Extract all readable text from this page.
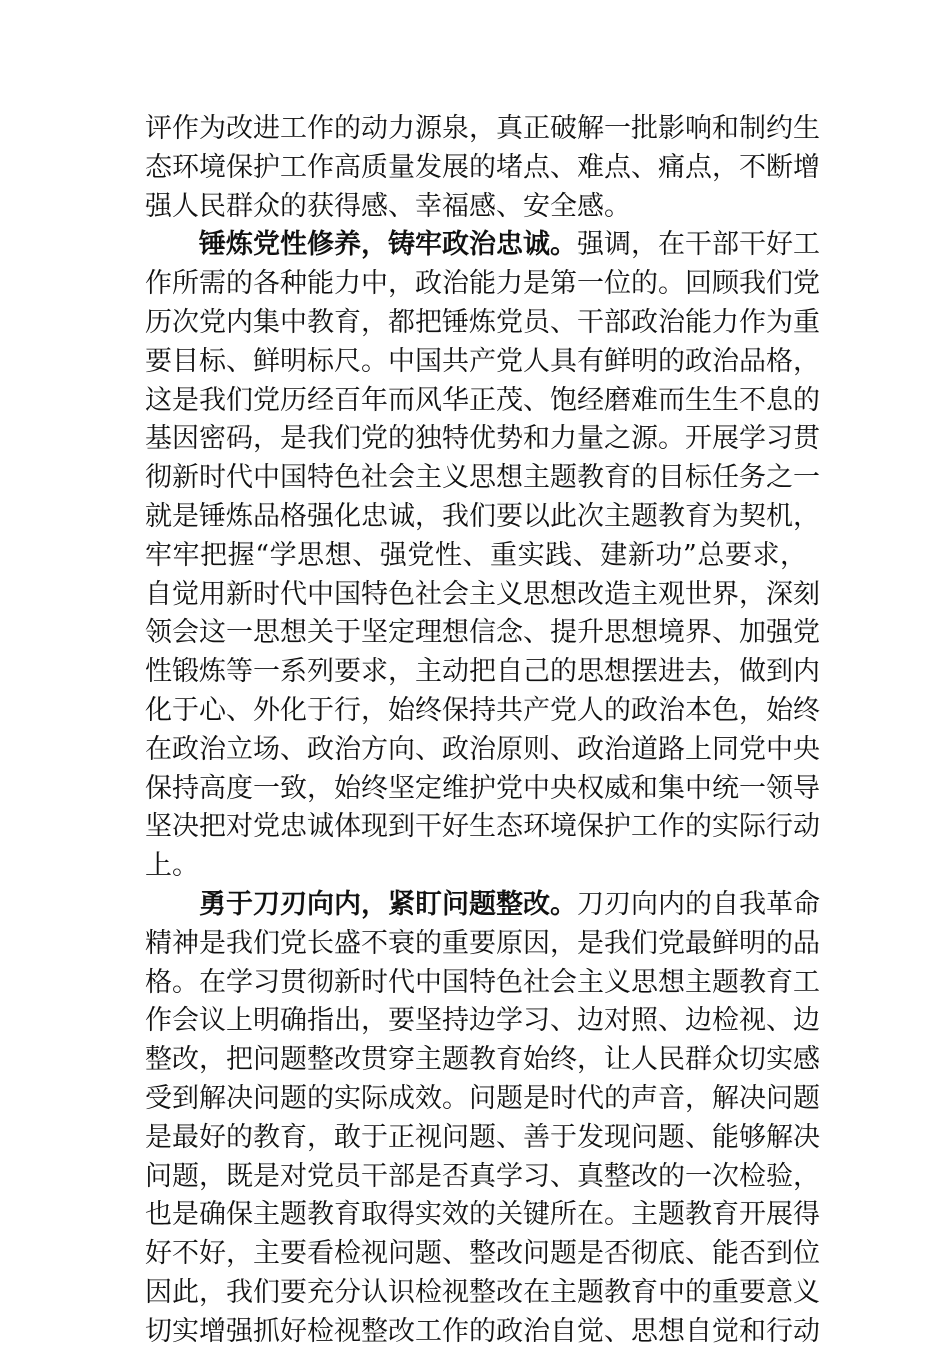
评作为改进工作的动力源泉，真正破解一批影响和制约生
态环境保护工作高质量发展的堵点、难点、痛点，不断增
强人民群众的获得感、幸福感、安全感。
锤炼党性修养，铸牢政治忠诚。强调，在干部干好工
作所需的各种能力中，政治能力是第一位的。回顾我们党
历次党内集中教育，都把锤炼党员、干部政治能力作为重
要目标、鲜明标尺。中国共产党人具有鲜明的政治品格，
这是我们党历经百年而风华正茂、饱经磨难而生生不息的
基因密码，是我们党的独特优势和力量之源。开展学习贯
彻新时代中国特色社会主义思想主题教育的目标任务之一
就是锤炼品格强化忠诚，我们要以此次主题教育为契机，
牢牢把握“学思想、强党性、重实践、建新功”总要求，
自觉用新时代中国特色社会主义思想改造主观世界，深刻
领会这一思想关于坚定理想信念、提升思想境界、加强党
性锻炼等一系列要求，主动把自己的思想摆进去，做到内
化于心、外化于行，始终保持共产党人的政治本色，始终
在政治立场、政治方向、政治原则、政治道路上同党中央
保持高度一致，始终坚定维护党中央权威和集中统一领导
坚决把对党忠诚体现到干好生态环境保护工作的实际行动
上。
勇于刀刃向内，紧盯问题整改。刀刃向内的自我革命
精神是我们党长盛不衰的重要原因，是我们党最鲜明的品
格。在学习贯彻新时代中国特色社会主义思想主题教育工
作会议上明确指出，要坚持边学习、边对照、边检视、边
整改，把问题整改贯穿主题教育始终，让人民群众切实感
受到解决问题的实际成效。问题是时代的声音，解决问题
是最好的教育，敢于正视问题、善于发现问题、能够解决
问题，既是对党员干部是否真学习、真整改的一次检验，
也是确保主题教育取得实效的关键所在。主题教育开展得
好不好，主要看检视问题、整改问题是否彻底、能否到位
因此，我们要充分认识检视整改在主题教育中的重要意义
切实增强抓好检视整改工作的政治自觉、思想自觉和行动
